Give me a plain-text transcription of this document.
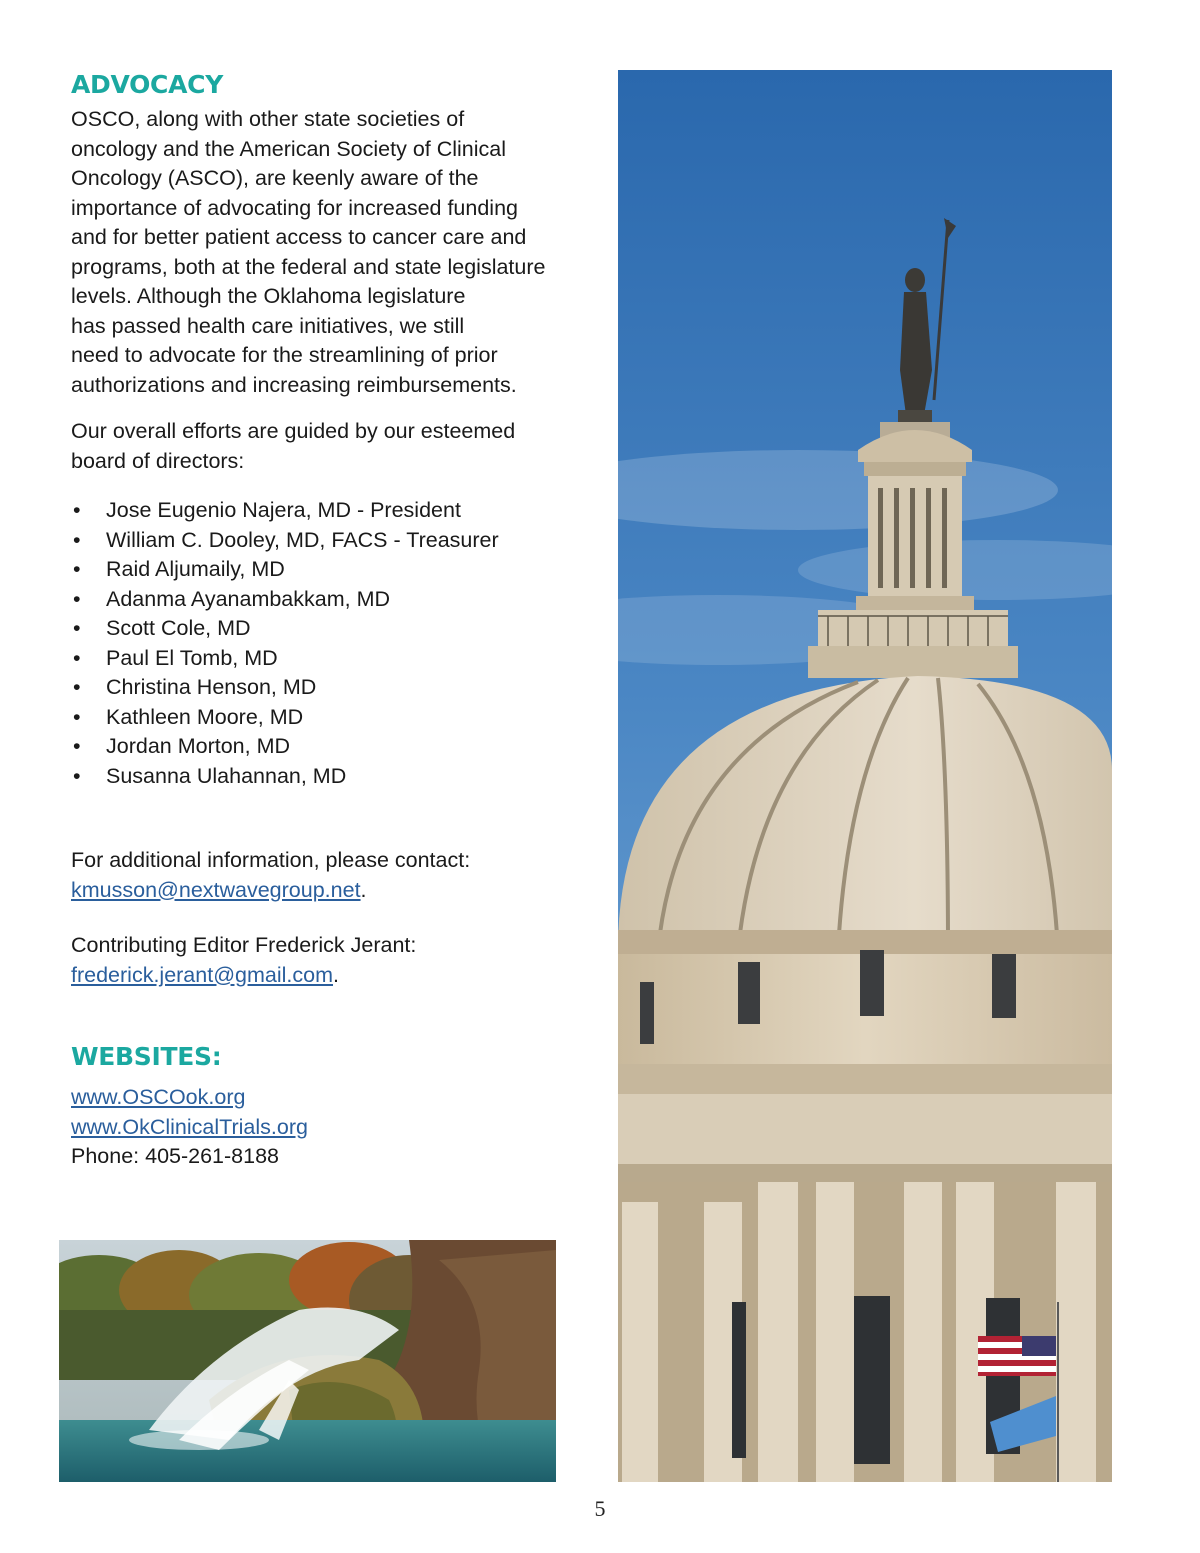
ADVOCACY

OSCO, along with other state societies of
oncology and the American Society of Clinical
Oncology (ASCO), are keenly aware of the
importance of advocating for increased funding
and for better patient access to cancer care and
programs, both at the federal and state legislature
levels. Although the Oklahoma legislature
has passed health care initiatives, we still
need to advocate for the streamlining of prior
authorizations and increasing reimbursements.

Our overall efforts are guided by our esteemed
board of directors:

• Jose Eugenio Najera, MD - President
• William C. Dooley, MD, FACS - Treasurer
• Raid Aljumaily, MD
• Adanma Ayanambakkam, MD
• Scott Cole, MD
• Paul El Tomb, MD
• Christina Henson, MD
• Kathleen Moore, MD
• Jordan Morton, MD
• Susanna Ulahannan, MD

For additional information, please contact:
kmusson@nextwavegroup.net.

Contributing Editor Frederick Jerant:
frederick.jerant@gmail.com.

WEBSITES:

www.OSCOok.org
www.OkClinicalTrials.org
Phone: 405-261-8188

5
